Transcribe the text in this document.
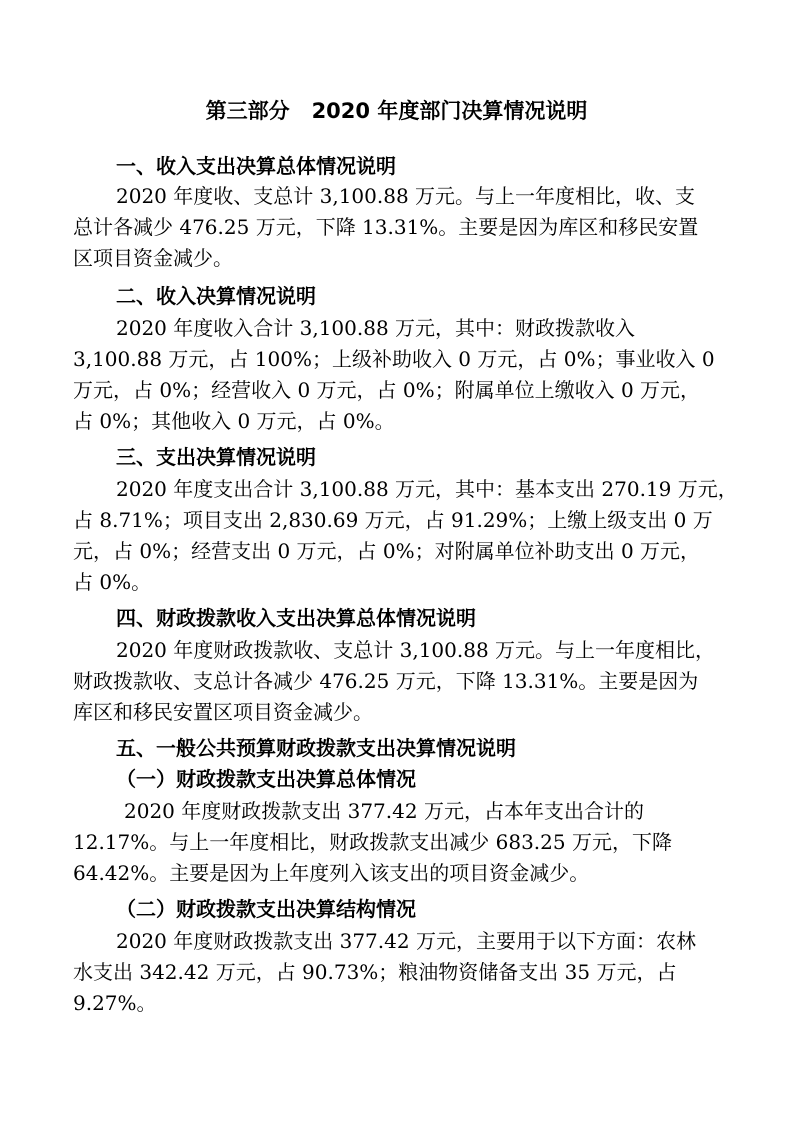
第三部分   2020 年度部门决算情况说明
一、收入支出决算总体情况说明
2020 年度收、支总计 3,100.88 万元。与上一年度相比，收、支
总计各减少 476.25 万元，下降 13.31%。主要是因为库区和移民安置
区项目资金减少。
二、收入决算情况说明
2020 年度收入合计 3,100.88 万元，其中：财政拨款收入
3,100.88 万元，占 100%；上级补助收入 0 万元，占 0%；事业收入 0
万元，占 0%；经营收入 0 万元，占 0%；附属单位上缴收入 0 万元，
占 0%；其他收入 0 万元，占 0%。
三、支出决算情况说明
2020 年度支出合计 3,100.88 万元，其中：基本支出 270.19 万元，
占 8.71%；项目支出 2,830.69 万元，占 91.29%；上缴上级支出 0 万
元，占 0%；经营支出 0 万元，占 0%；对附属单位补助支出 0 万元，
占 0%。
四、财政拨款收入支出决算总体情况说明
2020 年度财政拨款收、支总计 3,100.88 万元。与上一年度相比，
财政拨款收、支总计各减少 476.25 万元，下降 13.31%。主要是因为
库区和移民安置区项目资金减少。
五、一般公共预算财政拨款支出决算情况说明
（一）财政拨款支出决算总体情况
2020 年度财政拨款支出 377.42 万元，占本年支出合计的
12.17%。与上一年度相比，财政拨款支出减少 683.25 万元，下降
64.42%。主要是因为上年度列入该支出的项目资金减少。
（二）财政拨款支出决算结构情况
2020 年度财政拨款支出 377.42 万元，主要用于以下方面：农林
水支出 342.42 万元，占 90.73%；粮油物资储备支出 35 万元，占
9.27%。
